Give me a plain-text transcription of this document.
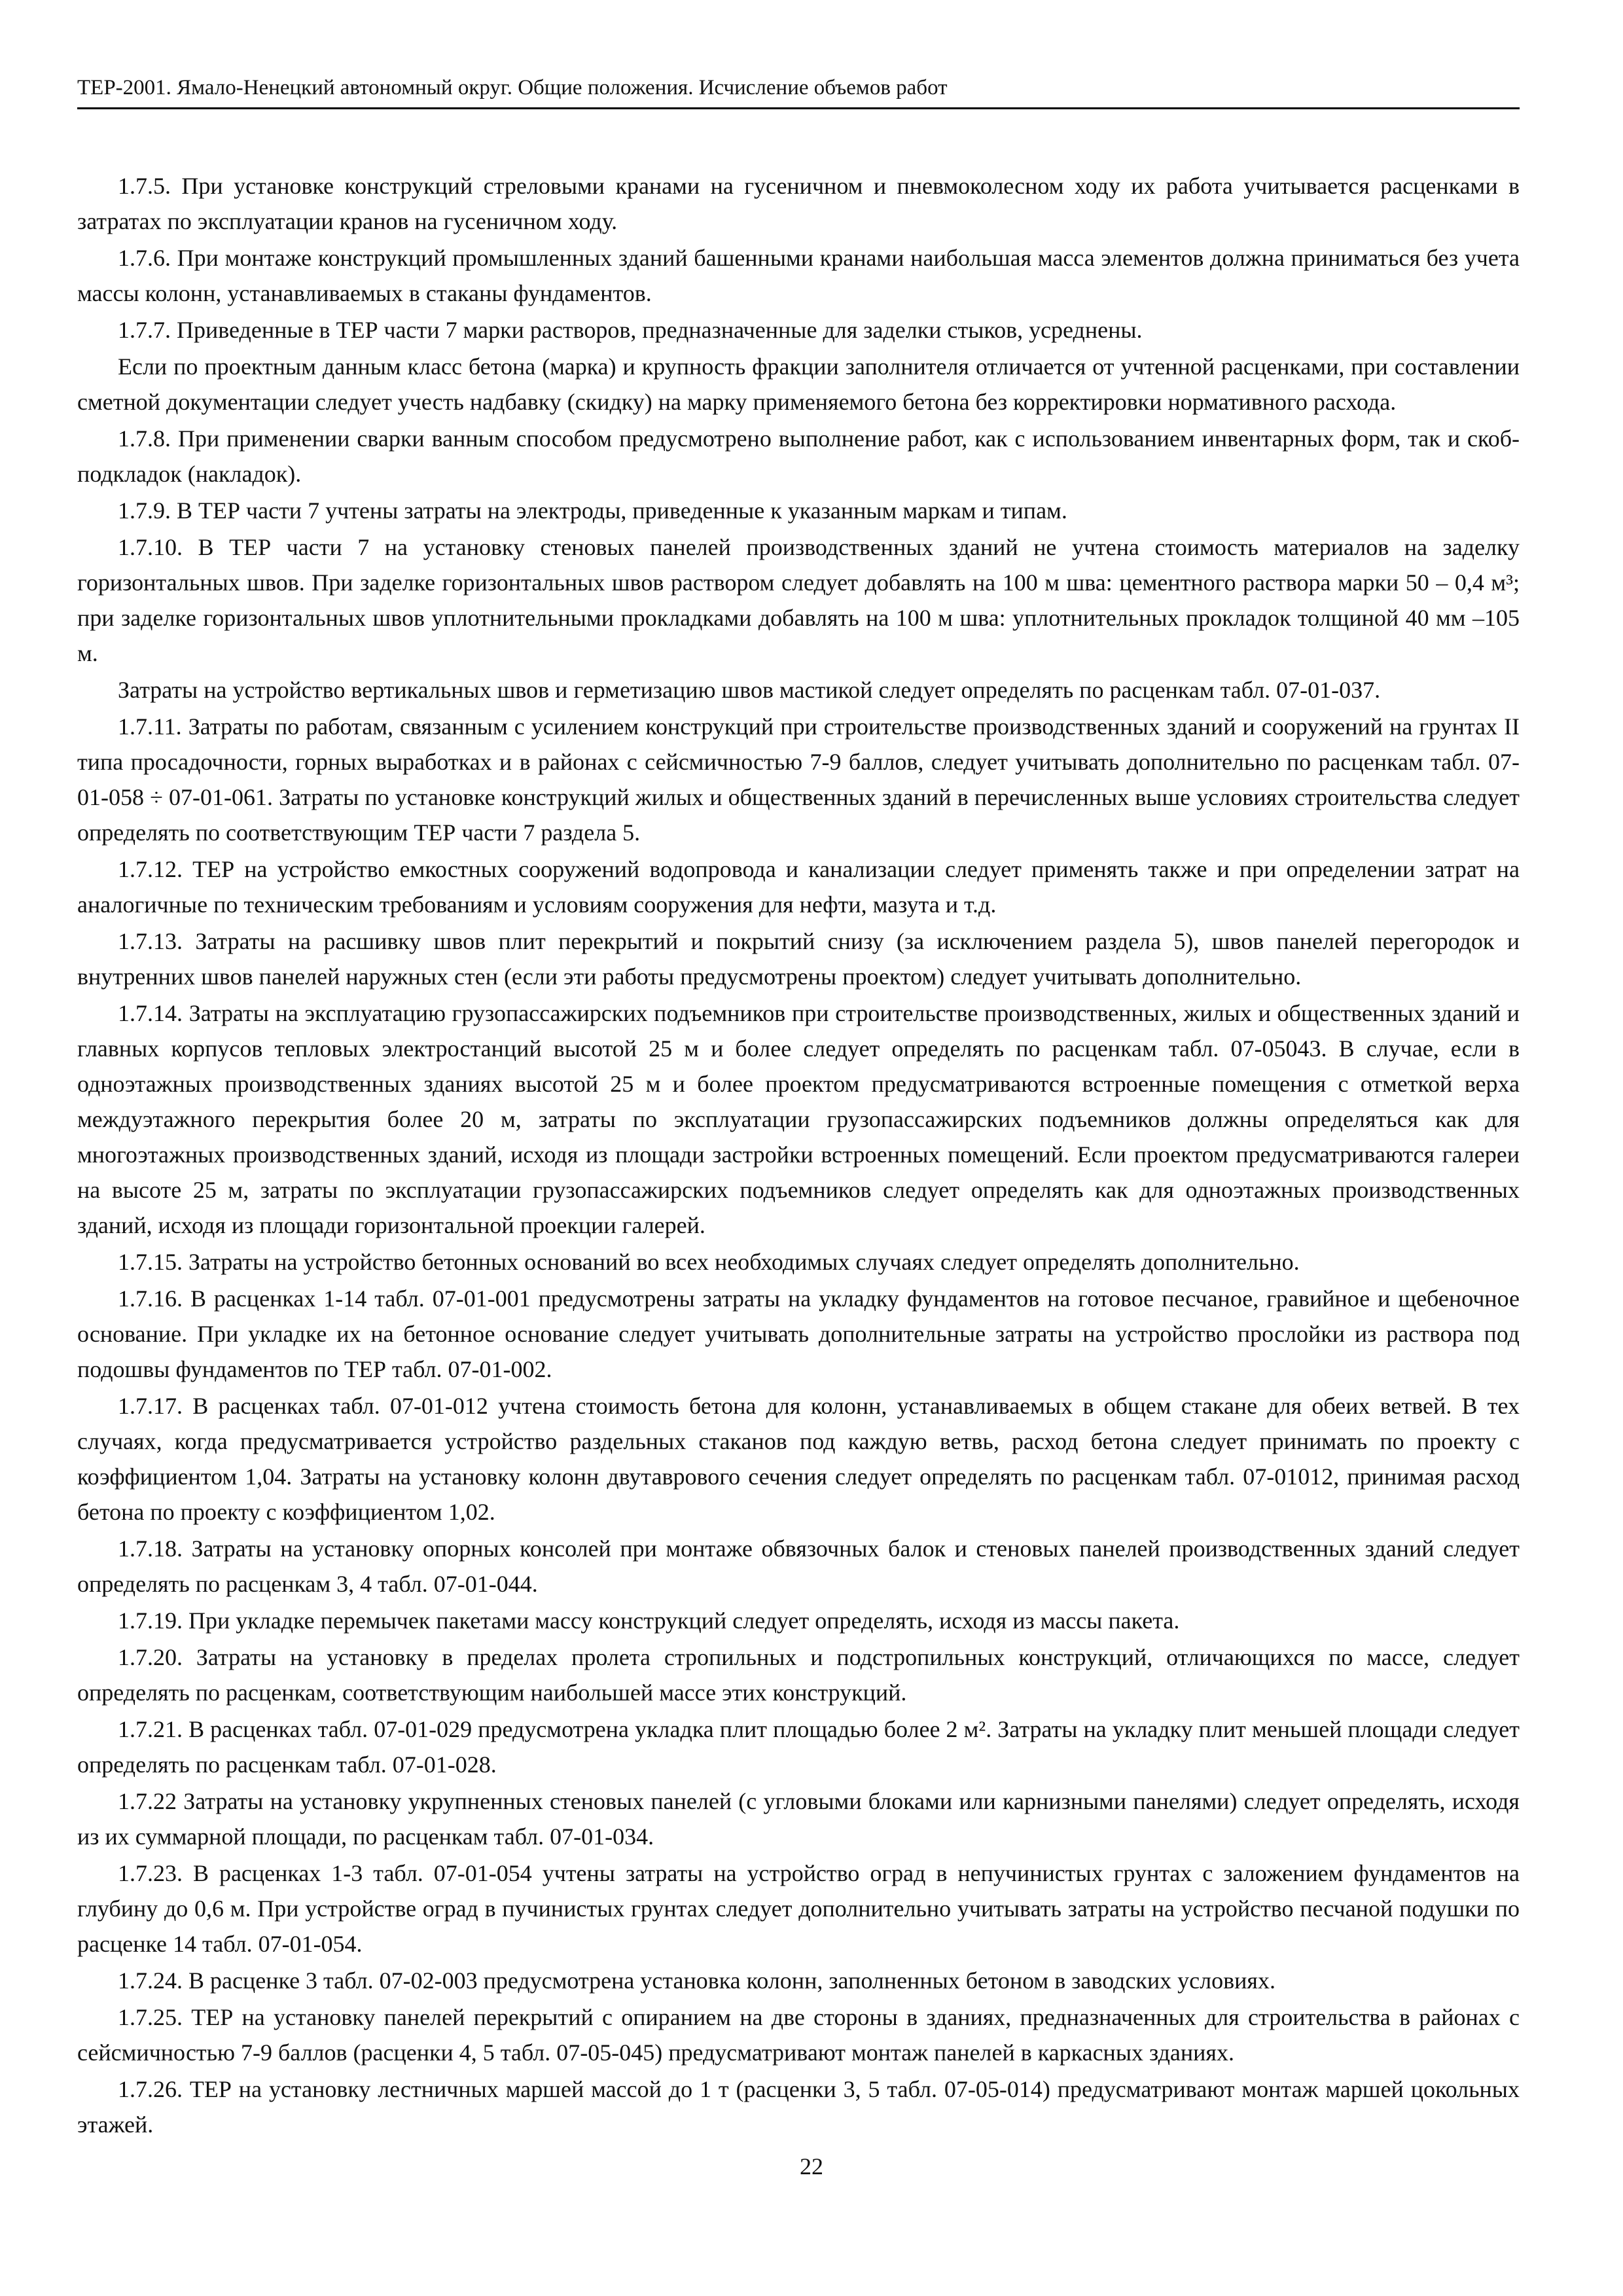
ТЕР-2001. Ямало-Ненецкий автономный округ. Общие положения. Исчисление объемов работ

1.7.5. При установке конструкций стреловыми кранами на гусеничном и пневмоколесном ходу их работа учитывается расценками в затратах по эксплуатации кранов на гусеничном ходу.

1.7.6. При монтаже конструкций промышленных зданий башенными кранами наибольшая масса элементов должна приниматься без учета массы колонн, устанавливаемых в стаканы фундаментов.

1.7.7. Приведенные в ТЕР части 7 марки растворов, предназначенные для заделки стыков, усреднены.

Если по проектным данным класс бетона (марка) и крупность фракции заполнителя отличается от учтенной расценками, при составлении сметной документации следует учесть надбавку (скидку) на марку применяемого бетона без корректировки нормативного расхода.

1.7.8. При применении сварки ванным способом предусмотрено выполнение работ, как с использованием инвентарных форм, так и скоб-подкладок (накладок).

1.7.9. В ТЕР части 7 учтены затраты на электроды, приведенные к указанным маркам и типам.

1.7.10. В ТЕР части 7 на установку стеновых панелей производственных зданий не учтена стоимость материалов на заделку горизонтальных швов. При заделке горизонтальных швов раствором следует добавлять на 100 м шва: цементного раствора марки 50 – 0,4 м³; при заделке горизонтальных швов уплотнительными прокладками добавлять на 100 м шва: уплотнительных прокладок толщиной 40 мм –105 м.

Затраты на устройство вертикальных швов и герметизацию швов мастикой следует определять по расценкам табл. 07-01-037.

1.7.11. Затраты по работам, связанным с усилением конструкций при строительстве производственных зданий и сооружений на грунтах II типа просадочности, горных выработках и в районах с сейсмичностью 7-9 баллов, следует учитывать дополнительно по расценкам табл. 07-01-058 ÷ 07-01-061. Затраты по установке конструкций жилых и общественных зданий в перечисленных выше условиях строительства следует определять по соответствующим ТЕР части 7 раздела 5.

1.7.12. ТЕР на устройство емкостных сооружений водопровода и канализации следует применять также и при определении затрат на аналогичные по техническим требованиям и условиям сооружения для нефти, мазута и т.д.

1.7.13. Затраты на расшивку швов плит перекрытий и покрытий снизу (за исключением раздела 5), швов панелей перегородок и внутренних швов панелей наружных стен (если эти работы предусмотрены проектом) следует учитывать дополнительно.

1.7.14. Затраты на эксплуатацию грузопассажирских подъемников при строительстве производственных, жилых и общественных зданий и главных корпусов тепловых электростанций высотой 25 м и более следует определять по расценкам табл. 07-05043. В случае, если в одноэтажных производственных зданиях высотой 25 м и более проектом предусматриваются встроенные помещения с отметкой верха междуэтажного перекрытия более 20 м, затраты по эксплуатации грузопассажирских подъемников должны определяться как для многоэтажных производственных зданий, исходя из площади застройки встроенных помещений. Если проектом предусматриваются галереи на высоте 25 м, затраты по эксплуатации грузопассажирских подъемников следует определять как для одноэтажных производственных зданий, исходя из площади горизонтальной проекции галерей.

1.7.15. Затраты на устройство бетонных оснований во всех необходимых случаях следует определять дополнительно.

1.7.16. В расценках 1-14 табл. 07-01-001 предусмотрены затраты на укладку фундаментов на готовое песчаное, гравийное и щебеночное основание. При укладке их на бетонное основание следует учитывать дополнительные затраты на устройство прослойки из раствора под подошвы фундаментов по ТЕР табл. 07-01-002.

1.7.17. В расценках табл. 07-01-012 учтена стоимость бетона для колонн, устанавливаемых в общем стакане для обеих ветвей. В тех случаях, когда предусматривается устройство раздельных стаканов под каждую ветвь, расход бетона следует принимать по проекту с коэффициентом 1,04. Затраты на установку колонн двутаврового сечения следует определять по расценкам табл. 07-01012, принимая расход бетона по проекту с коэффициентом 1,02.

1.7.18. Затраты на установку опорных консолей при монтаже обвязочных балок и стеновых панелей производственных зданий следует определять по расценкам 3, 4 табл. 07-01-044.

1.7.19. При укладке перемычек пакетами массу конструкций следует определять, исходя из массы пакета.

1.7.20. Затраты на установку в пределах пролета стропильных и подстропильных конструкций, отличающихся по массе, следует определять по расценкам, соответствующим наибольшей массе этих конструкций.

1.7.21. В расценках табл. 07-01-029 предусмотрена укладка плит площадью более 2 м². Затраты на укладку плит меньшей площади следует определять по расценкам табл. 07-01-028.

1.7.22 Затраты на установку укрупненных стеновых панелей (с угловыми блоками или карнизными панелями) следует определять, исходя из их суммарной площади, по расценкам табл. 07-01-034.

1.7.23. В расценках 1-3 табл. 07-01-054 учтены затраты на устройство оград в непучинистых грунтах с заложением фундаментов на глубину до 0,6 м. При устройстве оград в пучинистых грунтах следует дополнительно учитывать затраты на устройство песчаной подушки по расценке 14 табл. 07-01-054.

1.7.24. В расценке 3 табл. 07-02-003 предусмотрена установка колонн, заполненных бетоном в заводских условиях.

1.7.25. ТЕР на установку панелей перекрытий с опиранием на две стороны в зданиях, предназначенных для строительства в районах с сейсмичностью 7-9 баллов (расценки 4, 5 табл. 07-05-045) предусматривают монтаж панелей в каркасных зданиях.

1.7.26. ТЕР на установку лестничных маршей массой до 1 т (расценки 3, 5 табл. 07-05-014) предусматривают монтаж маршей цокольных этажей.

22
